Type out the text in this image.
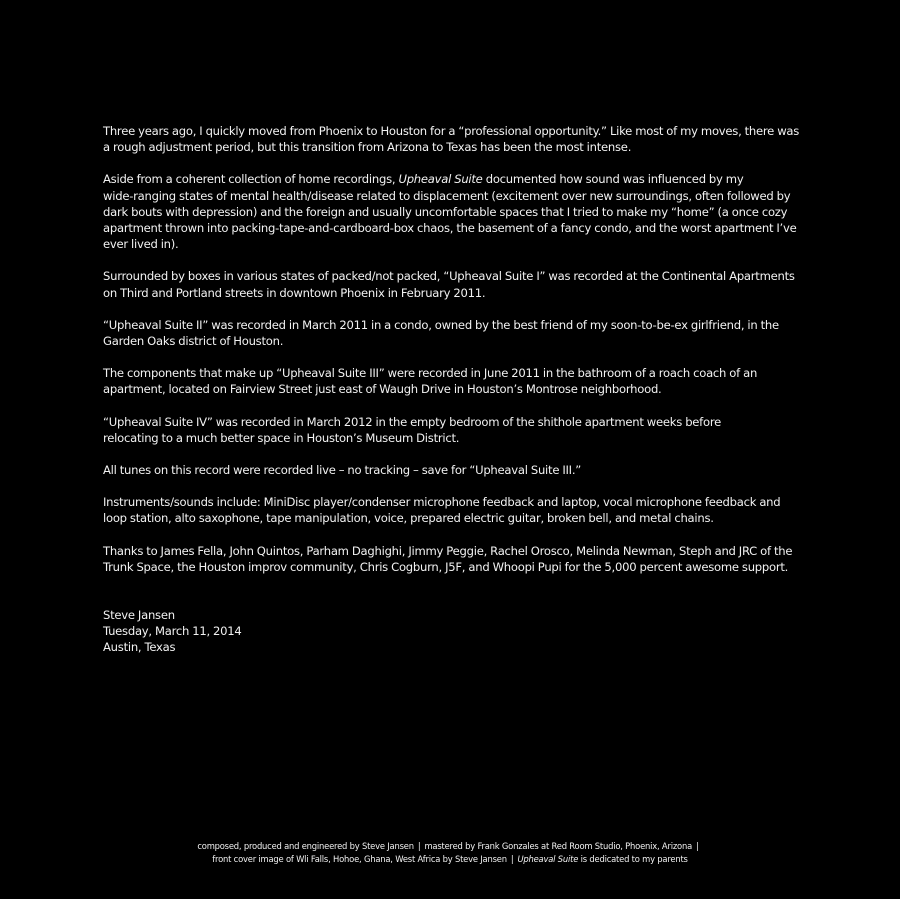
Three years ago, I quickly moved from Phoenix to Houston for a “professional opportunity.” Like most of my moves, there was
a rough adjustment period, but this transition from Arizona to Texas has been the most intense.

Aside from a coherent collection of home recordings, Upheaval Suite documented how sound was influenced by my
wide-ranging states of mental health/disease related to displacement (excitement over new surroundings, often followed by
dark bouts with depression) and the foreign and usually uncomfortable spaces that I tried to make my “home” (a once cozy
apartment thrown into packing-tape-and-cardboard-box chaos, the basement of a fancy condo, and the worst apartment I’ve
ever lived in).

Surrounded by boxes in various states of packed/not packed, “Upheaval Suite I” was recorded at the Continental Apartments
on Third and Portland streets in downtown Phoenix in February 2011.

“Upheaval Suite II” was recorded in March 2011 in a condo, owned by the best friend of my soon-to-be-ex girlfriend, in the
Garden Oaks district of Houston.

The components that make up “Upheaval Suite III” were recorded in June 2011 in the bathroom of a roach coach of an
apartment, located on Fairview Street just east of Waugh Drive in Houston’s Montrose neighborhood.

“Upheaval Suite IV” was recorded in March 2012 in the empty bedroom of the shithole apartment weeks before
relocating to a much better space in Houston’s Museum District.

All tunes on this record were recorded live – no tracking – save for “Upheaval Suite III.”

Instruments/sounds include: MiniDisc player/condenser microphone feedback and laptop, vocal microphone feedback and
loop station, alto saxophone, tape manipulation, voice, prepared electric guitar, broken bell, and metal chains.

Thanks to James Fella, John Quintos, Parham Daghighi, Jimmy Peggie, Rachel Orosco, Melinda Newman, Steph and JRC of the
Trunk Space, the Houston improv community, Chris Cogburn, J5F, and Whoopi Pupi for the 5,000 percent awesome support.

Steve Jansen
Tuesday, March 11, 2014
Austin, Texas

composed, produced and engineered by Steve Jansen | mastered by Frank Gonzales at Red Room Studio, Phoenix, Arizona |
front cover image of Wli Falls, Hohoe, Ghana, West Africa by Steve Jansen | Upheaval Suite is dedicated to my parents
